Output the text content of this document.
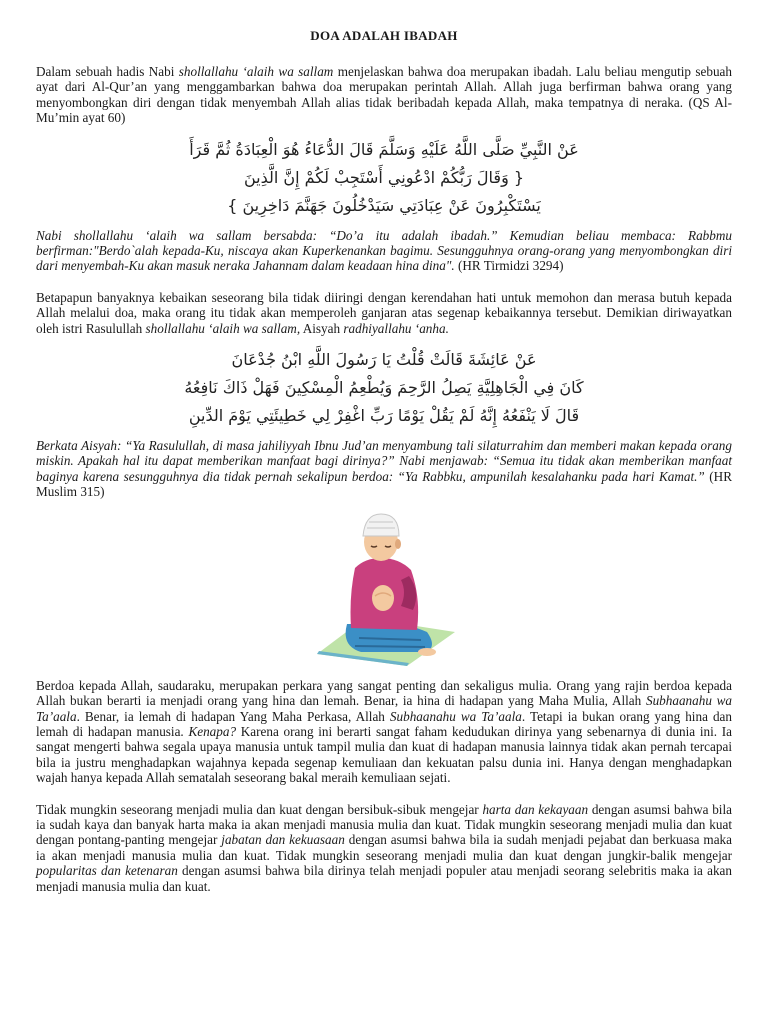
DOA ADALAH IBADAH

Dalam sebuah hadis Nabi shollallahu ‘alaih wa sallam menjelaskan bahwa doa merupakan ibadah. Lalu beliau mengutip sebuah ayat dari Al-Qur’an yang menggambarkan bahwa doa merupakan perintah Allah. Allah juga berfirman bahwa orang yang menyombongkan diri dengan tidak menyembah Allah alias tidak beribadah kepada Allah, maka tempatnya di neraka. (QS Al-Mu’min ayat 60)

عَنْ النَّبِيِّ صَلَّى اللَّهُ عَلَيْهِ وَسَلَّمَ قَالَ الدُّعَاءُ هُوَ الْعِبَادَةُ ثُمَّ قَرَأَ
{ وَقَالَ رَبُّكُمْ ادْعُونِي أَسْتَجِبْ لَكُمْ إِنَّ الَّذِينَ
يَسْتَكْبِرُونَ عَنْ عِبَادَتِي سَيَدْخُلُونَ جَهَنَّمَ دَاخِرِينَ }

Nabi shollallahu ‘alaih wa sallam bersabda: “Do’a itu adalah ibadah.” Kemudian beliau membaca: Rabbmu berfirman:"Berdo`alah kepada-Ku, niscaya akan Kuperkenankan bagimu. Sesungguhnya orang-orang yang menyombongkan diri dari menyembah-Ku akan masuk neraka Jahannam dalam keadaan hina dina". (HR Tirmidzi 3294)

Betapapun banyaknya kebaikan seseorang bila tidak diiringi dengan kerendahan hati untuk memohon dan merasa butuh kepada Allah melalui doa, maka orang itu tidak akan memperoleh ganjaran atas segenap kebaikannya tersebut. Demikian diriwayatkan oleh istri Rasulullah shollallahu ‘alaih wa sallam, Aisyah radhiyallahu ‘anha.

عَنْ عَائِشَةَ قَالَتْ قُلْتُ يَا رَسُولَ اللَّهِ ابْنُ جُدْعَانَ
كَانَ فِي الْجَاهِلِيَّةِ يَصِلُ الرَّحِمَ وَيُطْعِمُ الْمِسْكِينَ فَهَلْ ذَاكَ نَافِعُهُ
قَالَ لَا يَنْفَعُهُ إِنَّهُ لَمْ يَقُلْ يَوْمًا رَبِّ اغْفِرْ لِي خَطِيئَتِي يَوْمَ الدِّينِ

Berkata Aisyah: “Ya Rasulullah, di masa jahiliyyah Ibnu Jud’an menyambung tali silaturrahim dan memberi makan kepada orang miskin. Apakah hal itu dapat memberikan manfaat bagi dirinya?” Nabi menjawab: “Semua itu tidak akan memberikan manfaat baginya karena sesungguhnya dia tidak pernah sekalipun berdoa: “Ya Rabbku, ampunilah kesalahanku pada hari Kamat.” (HR Muslim 315)

Berdoa kepada Allah, saudaraku, merupakan perkara yang sangat penting dan sekaligus mulia. Orang yang rajin berdoa kepada Allah bukan berarti ia menjadi orang yang hina dan lemah. Benar, ia hina di hadapan yang Maha Mulia, Allah Subhaanahu wa Ta’aala. Benar, ia lemah di hadapan Yang Maha Perkasa, Allah Subhaanahu wa Ta’aala. Tetapi ia bukan orang yang hina dan lemah di hadapan manusia. Kenapa? Karena orang ini berarti sangat faham kedudukan dirinya yang sebenarnya di dunia ini. Ia sangat mengerti bahwa segala upaya manusia untuk tampil mulia dan kuat di hadapan manusia lainnya tidak akan pernah tercapai bila ia justru menghadapkan wajahnya kepada segenap kemuliaan dan kekuatan palsu dunia ini. Hanya dengan menghadapkan wajah hanya kepada Allah sematalah seseorang bakal meraih kemuliaan sejati.

Tidak mungkin seseorang menjadi mulia dan kuat dengan bersibuk-sibuk mengejar harta dan kekayaan dengan asumsi bahwa bila ia sudah kaya dan banyak harta maka ia akan menjadi manusia mulia dan kuat. Tidak mungkin seseorang menjadi mulia dan kuat dengan pontang-panting mengejar jabatan dan kekuasaan dengan asumsi bahwa bila ia sudah menjadi pejabat dan berkuasa maka ia akan menjadi manusia mulia dan kuat. Tidak mungkin seseorang menjadi mulia dan kuat dengan jungkir-balik mengejar popularitas dan ketenaran dengan asumsi bahwa bila dirinya telah menjadi populer atau menjadi seorang selebritis maka ia akan menjadi manusia mulia dan kuat.
